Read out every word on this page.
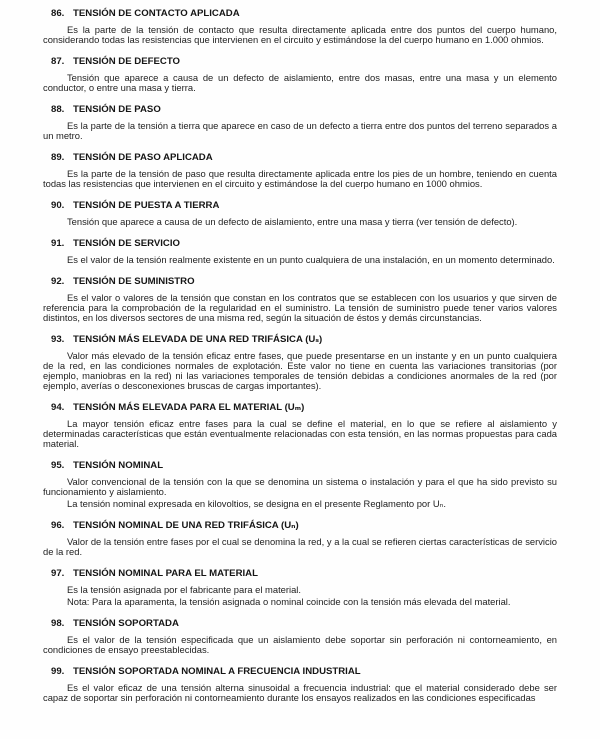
86. TENSIÓN DE CONTACTO APLICADA

Es la parte de la tensión de contacto que resulta directamente aplicada entre dos puntos del cuerpo humano, considerando todas las resistencias que intervienen en el circuito y estimándose la del cuerpo humano en 1.000 ohmios.

87. TENSIÓN DE DEFECTO

Tensión que aparece a causa de un defecto de aislamiento, entre dos masas, entre una masa y un elemento conductor, o entre una masa y tierra.

88. TENSIÓN DE PASO

Es la parte de la tensión a tierra que aparece en caso de un defecto a tierra entre dos puntos del terreno separados a un metro.

89. TENSIÓN DE PASO APLICADA

Es la parte de la tensión de paso que resulta directamente aplicada entre los pies de un hombre, teniendo en cuenta todas las resistencias que intervienen en el circuito y estimándose la del cuerpo humano en 1000 ohmios.

90. TENSIÓN DE PUESTA A TIERRA

Tensión que aparece a causa de un defecto de aislamiento, entre una masa y tierra (ver tensión de defecto).

91. TENSIÓN DE SERVICIO

Es el valor de la tensión realmente existente en un punto cualquiera de una instalación, en un momento determinado.

92. TENSIÓN DE SUMINISTRO

Es el valor o valores de la tensión que constan en los contratos que se establecen con los usuarios y que sirven de referencia para la comprobación de la regularidad en el suministro. La tensión de suministro puede tener varios valores distintos, en los diversos sectores de una misma red, según la situación de éstos y demás circunstancias.

93. TENSIÓN MÁS ELEVADA DE UNA RED TRIFÁSICA (Uₛ)

Valor más elevado de la tensión eficaz entre fases, que puede presentarse en un instante y en un punto cualquiera de la red, en las condiciones normales de explotación. Este valor no tiene en cuenta las variaciones transitorias (por ejemplo, maniobras en la red) ni las variaciones temporales de tensión debidas a condiciones anormales de la red (por ejemplo, averías o desconexiones bruscas de cargas importantes).

94. TENSIÓN MÁS ELEVADA PARA EL MATERIAL (Uₘ)

La mayor tensión eficaz entre fases para la cual se define el material, en lo que se refiere al aislamiento y determinadas características que están eventualmente relacionadas con esta tensión, en las normas propuestas para cada material.

95. TENSIÓN NOMINAL

Valor convencional de la tensión con la que se denomina un sistema o instalación y para el que ha sido previsto su funcionamiento y aislamiento.

La tensión nominal expresada en kilovoltios, se designa en el presente Reglamento por Uₙ.

96. TENSIÓN NOMINAL DE UNA RED TRIFÁSICA (Uₙ)

Valor de la tensión entre fases por el cual se denomina la red, y a la cual se refieren ciertas características de servicio de la red.

97. TENSIÓN NOMINAL PARA EL MATERIAL

Es la tensión asignada por el fabricante para el material.

Nota: Para la aparamenta, la tensión asignada o nominal coincide con la tensión más elevada del material.

98. TENSIÓN SOPORTADA

Es el valor de la tensión especificada que un aislamiento debe soportar sin perforación ni contorneamiento, en condiciones de ensayo preestablecidas.

99. TENSIÓN SOPORTADA NOMINAL A FRECUENCIA INDUSTRIAL

Es el valor eficaz de una tensión alterna sinusoidal a frecuencia industrial: que el material considerado debe ser capaz de soportar sin perforación ni contorneamiento durante los ensayos realizados en las condiciones especificadas
